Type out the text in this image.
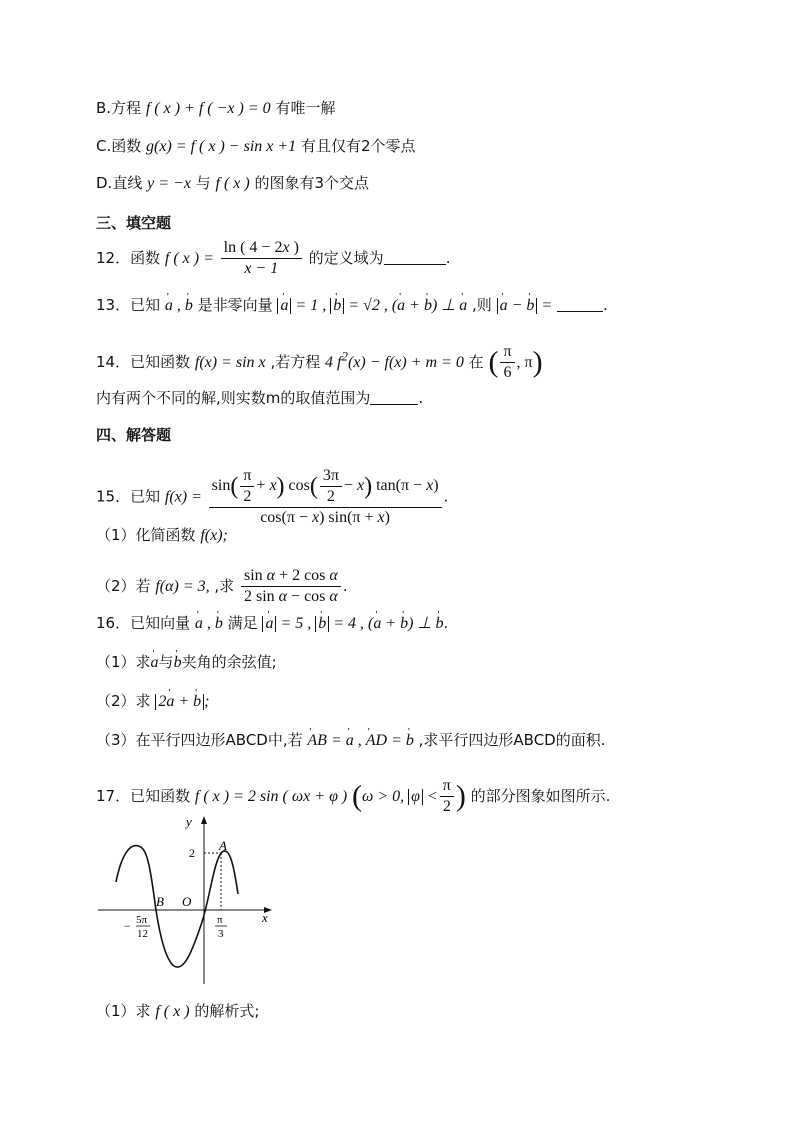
B.方程 f ( x ) + f ( −x ) = 0 有唯一解
C.函数 g(x) = f ( x ) − sin x +1 有且仅有2个零点
D.直线 y = −x 与 f ( x ) 的图象有3个交点
三、填空题
12．函数 f ( x ) = $\frac{\ln ( 4 - 2x )}{x - 1}$ 的定义域为	.
13．已知 ' a , ' b 是非零向量 ' a = 1 , ' b = √2 , (' a + ' b) ⊥ ' a ,则 ' a − ' b =	.
14．已知函数 f(x) = sin x ,若方程 4 $f^2(x) - f(x) + m = 0$ 在 ( $\frac{\pi}{6}$ , π)
内有两个不同的解,则实数m的取值范围为	.
四、解答题
15．已知 $f(x) = \frac{\sin( \frac{\pi}{2} + x) \cos( \frac{3\pi}{2} - x) \tan(\pi - x)}{\cos(\pi - x) \sin(\pi + x)}$ .
（1）化简函数 f(x);
（2）若 f(α) = 3, ,求 $\frac{\text{sin α + 2 cos α}}{\text{2 sin α − cos α}}$ .
16．已知向量 ' a , ' b 满足 ' a = 5 , ' b = 4 , (' a + ' b) ⊥ ' b.
（1）求' a与' b夹角的余弦值;
（2）求 2' a + ' b ;
（3）在平行四边形ABCD中,若 ' AB = ' a , ' AD = ' b ,求平行四边形ABCD的面积.
17．已知函数 f ( x ) = 2 sin ( ωx + φ ) (ω > 0, $\varphi < \frac{\pi}{2}$ ) 的部分图象如图所示.
y
x
O
A
B
2
− 5π
12
π
3
（1）求 f ( x ) 的解析式;
